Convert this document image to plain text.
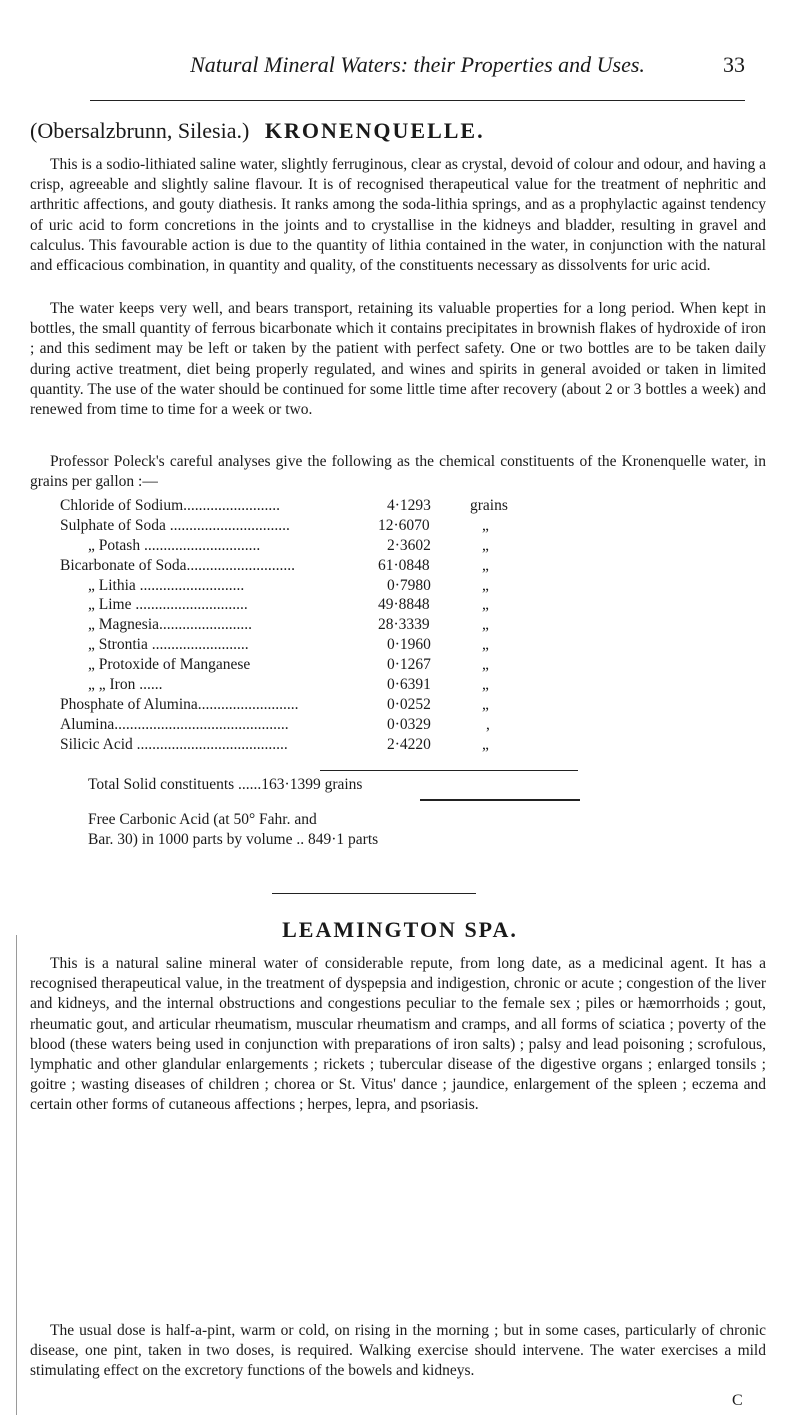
Natural Mineral Waters: their Properties and Uses.	33
(Obersalzbrunn, Silesia.) KRONENQUELLE.

This is a sodio-lithiated saline water, slightly ferruginous, clear as crystal, devoid of colour and odour, and having a crisp, agreeable and slightly saline flavour. It is of recognised therapeutical value for the treatment of nephritic and arthritic affections, and gouty diathesis. It ranks among the soda-lithia springs, and as a prophylactic against tendency of uric acid to form concretions in the joints and to crystallise in the kidneys and bladder, resulting in gravel and calculus. This favourable action is due to the quantity of lithia contained in the water, in conjunction with the natural and efficacious combination, in quantity and quality, of the constituents necessary as dissolvents for uric acid.

The water keeps very well, and bears transport, retaining its valuable properties for a long period. When kept in bottles, the small quantity of ferrous bicarbonate which it contains precipitates in brownish flakes of hydroxide of iron ; and this sediment may be left or taken by the patient with perfect safety. One or two bottles are to be taken daily during active treatment, diet being properly regulated, and wines and spirits in general avoided or taken in limited quantity. The use of the water should be continued for some little time after recovery (about 2 or 3 bottles a week) and renewed from time to time for a week or two.

Professor Poleck's careful analyses give the following as the chemical constituents of the Kronenquelle water, in grains per gallon :—

Chloride of Sodium.........................	4·1293	grains
Sulphate of Soda ...............................	12·6070	„
„ Potash ..............................	2·3602	„
Bicarbonate of Soda............................	61·0848	„
„ Lithia ...........................	0·7980	„
„ Lime .............................	49·8848	„
„ Magnesia........................	28·3339	„
„ Strontia .........................	0·1960	„
„ Protoxide of Manganese	0·1267	„
„ „ Iron ......	0·6391	„
Phosphate of Alumina..........................	0·0252	„
Alumina.............................................	0·0329	,
Silicic Acid .......................................	2·4220	„
Total Solid constituents ......163·1399 grains
Free Carbonic Acid (at 50° Fahr. and
Bar. 30) in 1000 parts by volume .. 849·1 parts
LEAMINGTON SPA.

This is a natural saline mineral water of considerable repute, from long date, as a medicinal agent. It has a recognised therapeutical value, in the treatment of dyspepsia and indigestion, chronic or acute ; congestion of the liver and kidneys, and the internal obstructions and congestions peculiar to the female sex ; piles or hæmorrhoids ; gout, rheumatic gout, and articular rheumatism, muscular rheumatism and cramps, and all forms of sciatica ; poverty of the blood (these waters being used in conjunction with preparations of iron salts) ; palsy and lead poisoning ; scrofulous, lymphatic and other glandular enlargements ; rickets ; tubercular disease of the digestive organs ; enlarged tonsils ; goitre ; wasting diseases of children ; chorea or St. Vitus' dance ; jaundice, enlargement of the spleen ; eczema and certain other forms of cutaneous affections ; herpes, lepra, and psoriasis.

The usual dose is half-a-pint, warm or cold, on rising in the morning ; but in some cases, particularly of chronic disease, one pint, taken in two doses, is required. Walking exercise should intervene. The water exercises a mild stimulating effect on the excretory functions of the bowels and kidneys.

C
